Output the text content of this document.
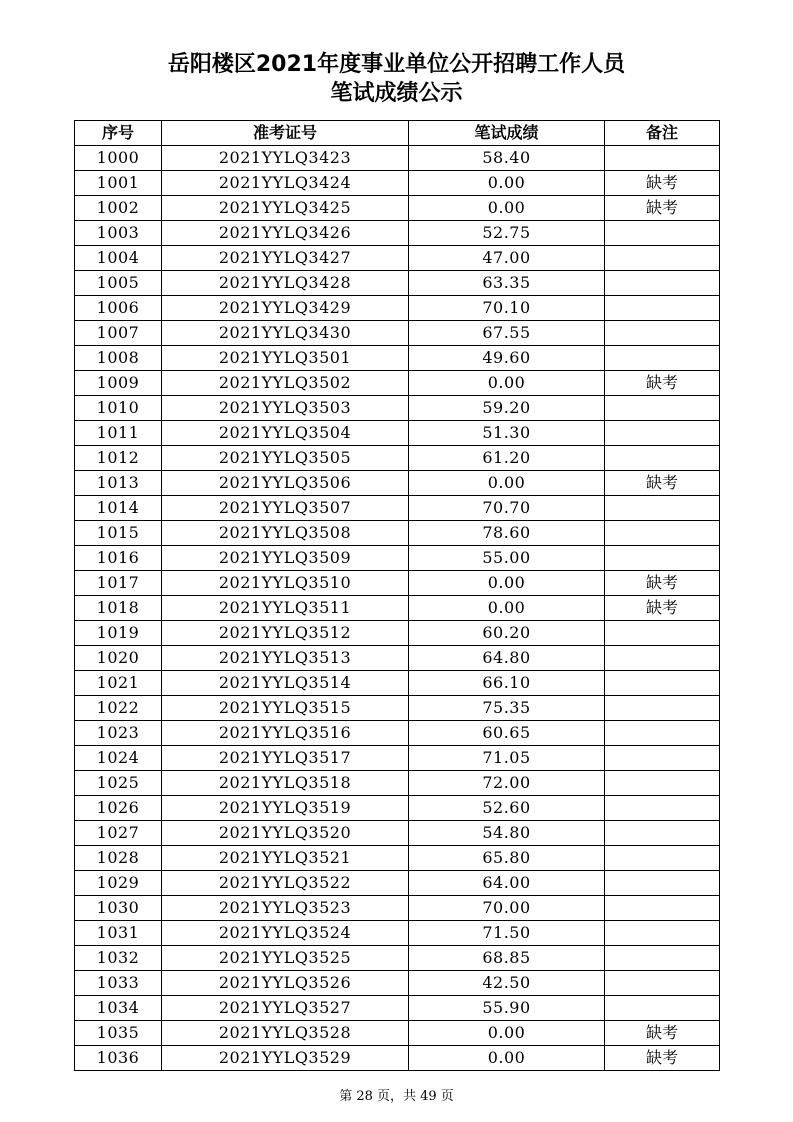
岳阳楼区2021年度事业单位公开招聘工作人员
笔试成绩公示
序号	准考证号	笔试成绩	备注
1000	2021YYLQ3423	58.40	
1001	2021YYLQ3424	0.00	缺考
1002	2021YYLQ3425	0.00	缺考
1003	2021YYLQ3426	52.75	
1004	2021YYLQ3427	47.00	
1005	2021YYLQ3428	63.35	
1006	2021YYLQ3429	70.10	
1007	2021YYLQ3430	67.55	
1008	2021YYLQ3501	49.60	
1009	2021YYLQ3502	0.00	缺考
1010	2021YYLQ3503	59.20	
1011	2021YYLQ3504	51.30	
1012	2021YYLQ3505	61.20	
1013	2021YYLQ3506	0.00	缺考
1014	2021YYLQ3507	70.70	
1015	2021YYLQ3508	78.60	
1016	2021YYLQ3509	55.00	
1017	2021YYLQ3510	0.00	缺考
1018	2021YYLQ3511	0.00	缺考
1019	2021YYLQ3512	60.20	
1020	2021YYLQ3513	64.80	
1021	2021YYLQ3514	66.10	
1022	2021YYLQ3515	75.35	
1023	2021YYLQ3516	60.65	
1024	2021YYLQ3517	71.05	
1025	2021YYLQ3518	72.00	
1026	2021YYLQ3519	52.60	
1027	2021YYLQ3520	54.80	
1028	2021YYLQ3521	65.80	
1029	2021YYLQ3522	64.00	
1030	2021YYLQ3523	70.00	
1031	2021YYLQ3524	71.50	
1032	2021YYLQ3525	68.85	
1033	2021YYLQ3526	42.50	
1034	2021YYLQ3527	55.90	
1035	2021YYLQ3528	0.00	缺考
1036	2021YYLQ3529	0.00	缺考
第 28 页，共 49 页
